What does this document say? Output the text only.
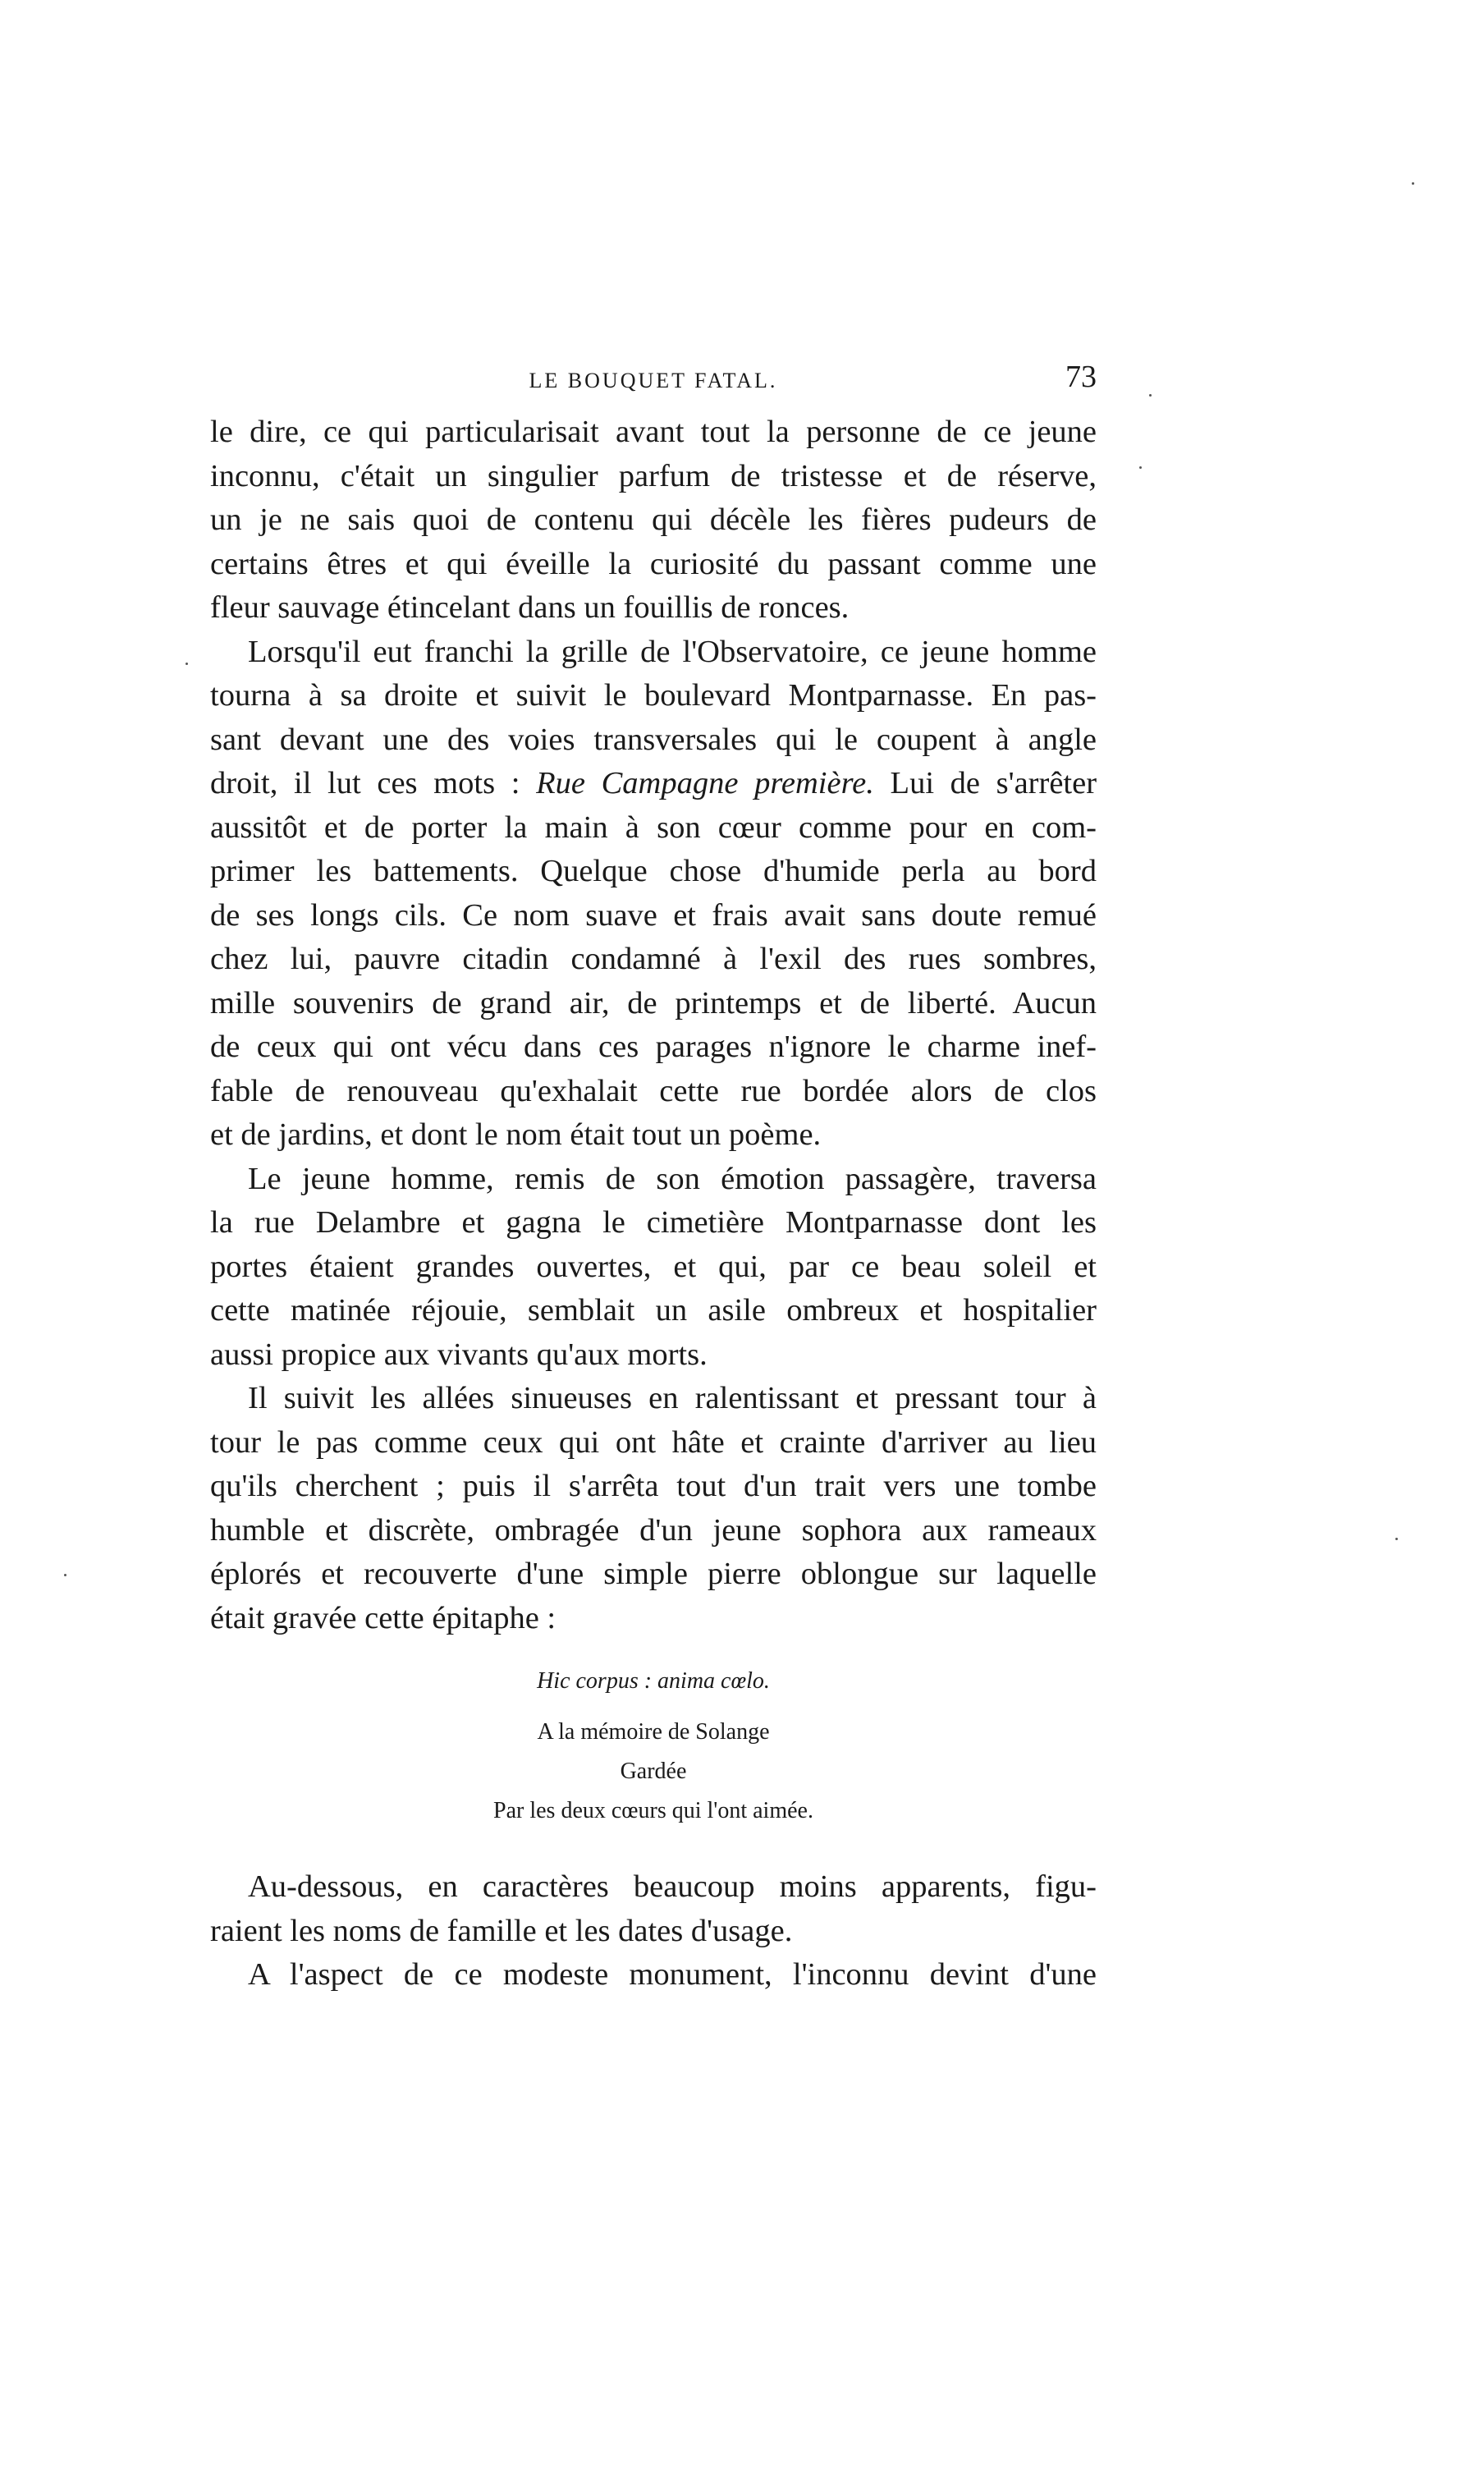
LE BOUQUET FATAL.	73
le dire, ce qui particularisait avant tout la personne de ce jeune
inconnu, c'était un singulier parfum de tristesse et de réserve,
un je ne sais quoi de contenu qui décèle les fières pudeurs de
certains êtres et qui éveille la curiosité du passant comme une
fleur sauvage étincelant dans un fouillis de ronces.
Lorsqu'il eut franchi la grille de l'Observatoire, ce jeune homme
tourna à sa droite et suivit le boulevard Montparnasse. En pas-
sant devant une des voies transversales qui le coupent à angle
droit, il lut ces mots : Rue Campagne première. Lui de s'arrêter
aussitôt et de porter la main à son cœur comme pour en com-
primer les battements. Quelque chose d'humide perla au bord
de ses longs cils. Ce nom suave et frais avait sans doute remué
chez lui, pauvre citadin condamné à l'exil des rues sombres,
mille souvenirs de grand air, de printemps et de liberté. Aucun
de ceux qui ont vécu dans ces parages n'ignore le charme inef-
fable de renouveau qu'exhalait cette rue bordée alors de clos
et de jardins, et dont le nom était tout un poème.
Le jeune homme, remis de son émotion passagère, traversa
la rue Delambre et gagna le cimetière Montparnasse dont les
portes étaient grandes ouvertes, et qui, par ce beau soleil et
cette matinée réjouie, semblait un asile ombreux et hospitalier
aussi propice aux vivants qu'aux morts.
Il suivit les allées sinueuses en ralentissant et pressant tour à
tour le pas comme ceux qui ont hâte et crainte d'arriver au lieu
qu'ils cherchent ; puis il s'arrêta tout d'un trait vers une tombe
humble et discrète, ombragée d'un jeune sophora aux rameaux
éplorés et recouverte d'une simple pierre oblongue sur laquelle
était gravée cette épitaphe :
Hic corpus : anima cœlo.
A la mémoire de Solange
Gardée
Par les deux cœurs qui l'ont aimée.
Au-dessous, en caractères beaucoup moins apparents, figu-
raient les noms de famille et les dates d'usage.
A l'aspect de ce modeste monument, l'inconnu devint d'une
